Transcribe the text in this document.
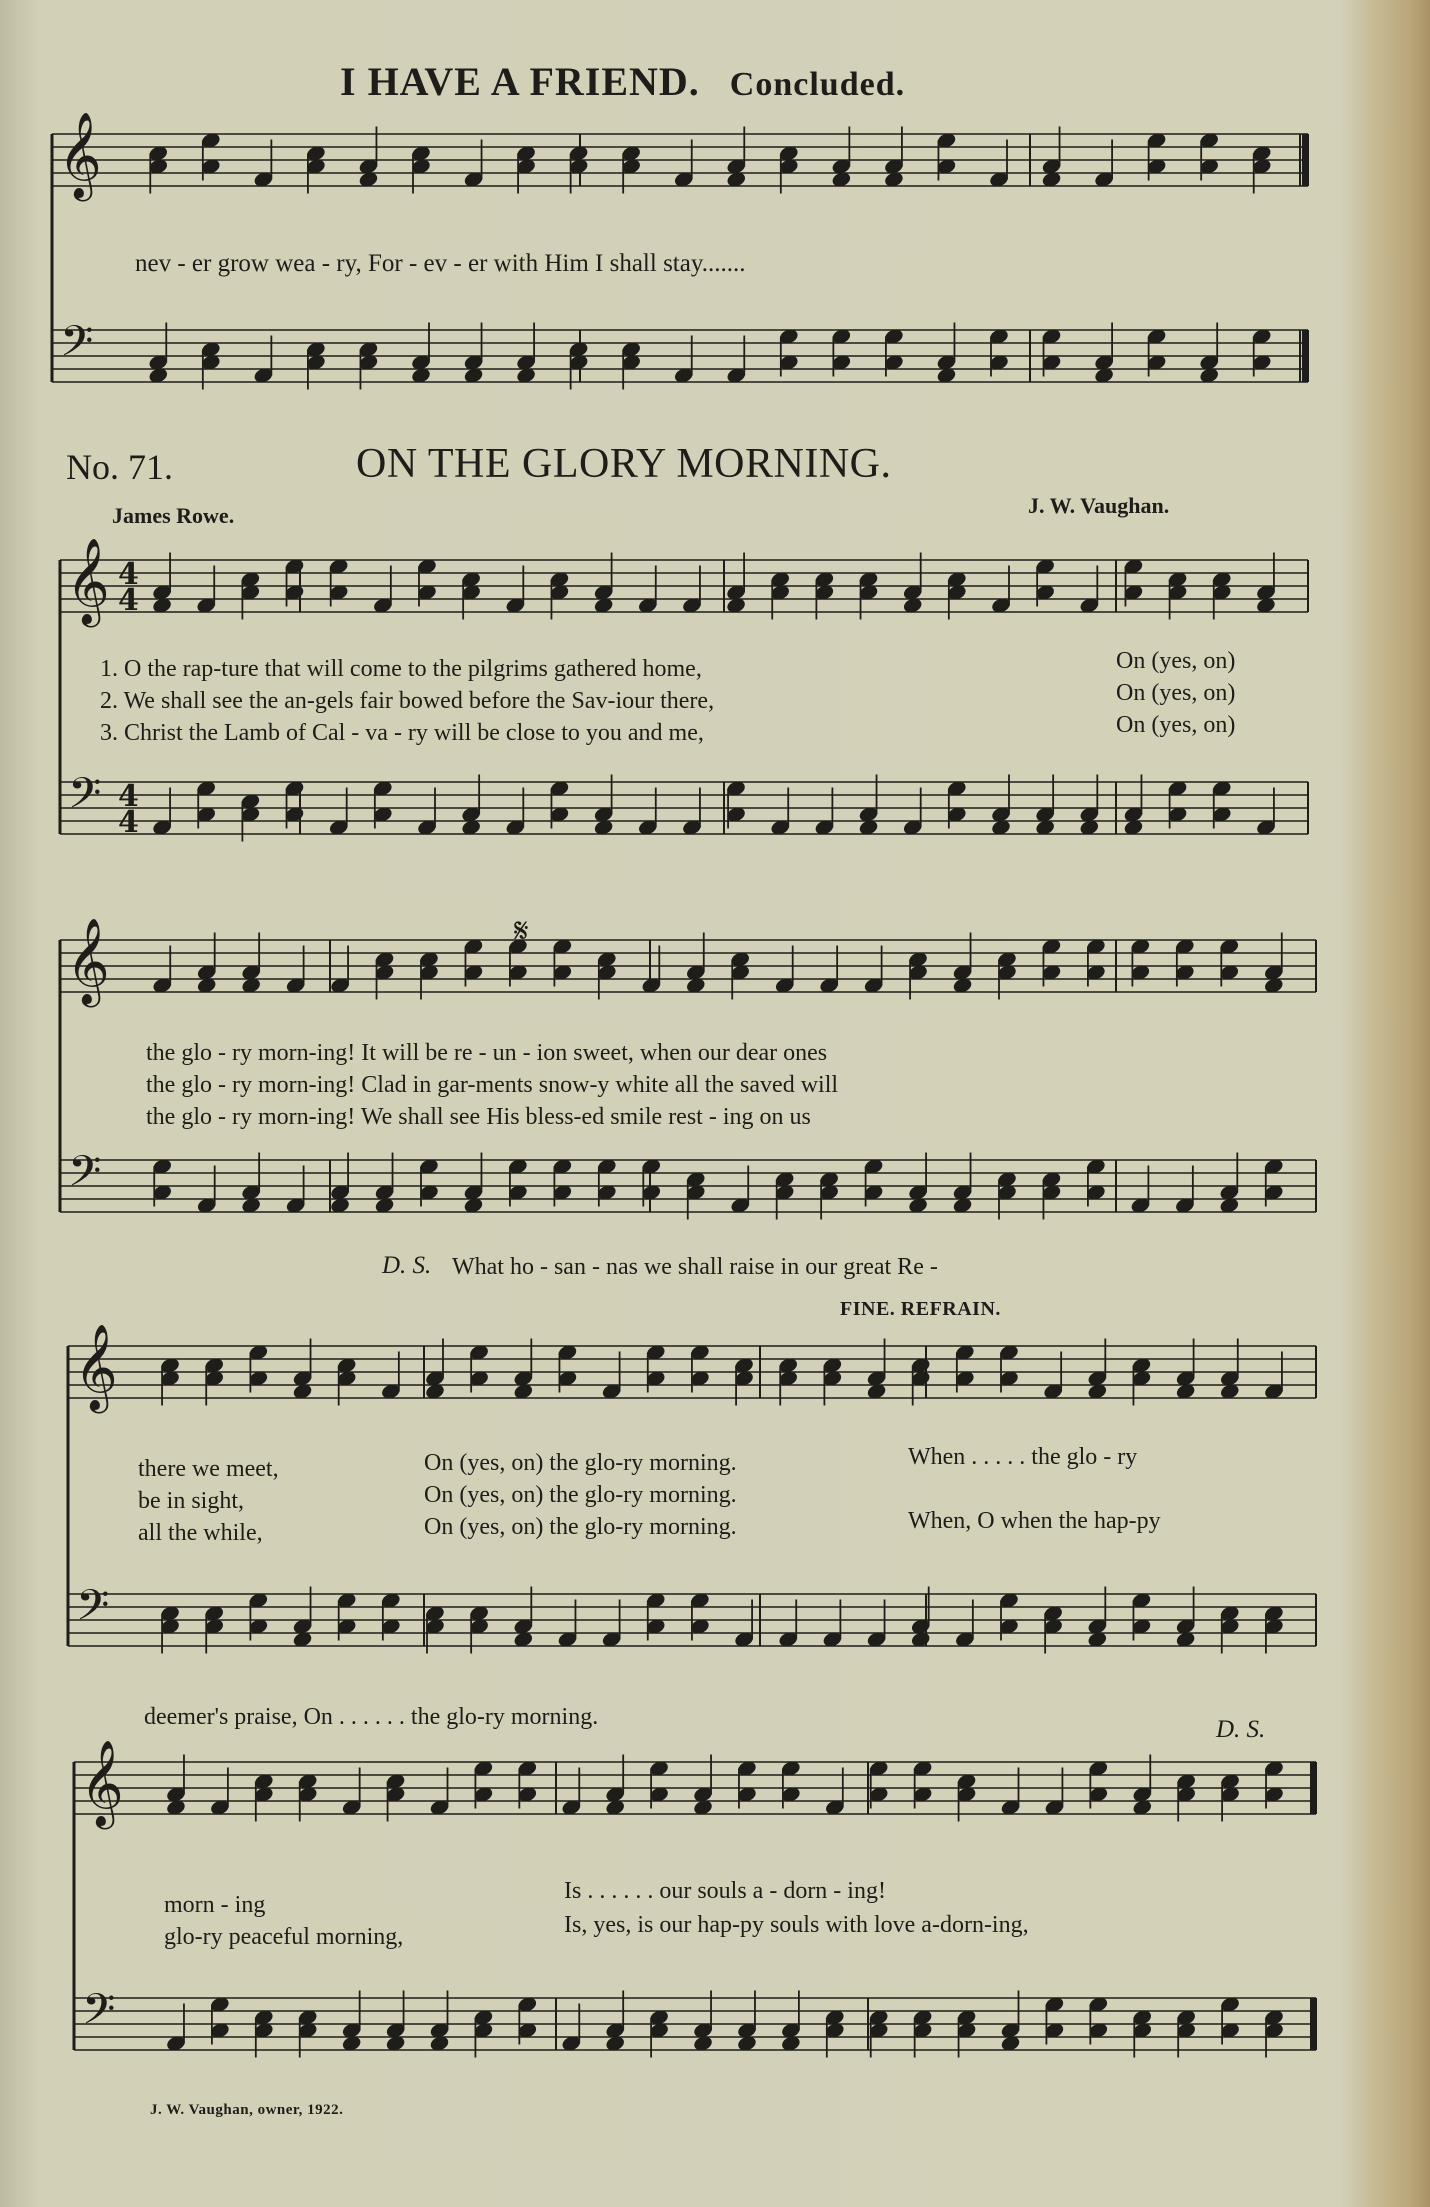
𝄞
𝄢
𝄞
𝄢
𝄞
𝄢
𝄞
𝄢
𝄞
𝄢
4
4
4
4
𝄋
I HAVE A FRIEND. Concluded.
nev - er grow wea - ry, For - ev - er with Him I shall stay.......
No. 71.	ON THE GLORY MORNING.
James Rowe.	J. W. Vaughan.
1. O the rap-ture that will come to the pilgrims gathered home,
2. We shall see the an-gels fair bowed before the Sav-iour there,
3. Christ the Lamb of Cal - va - ry will be close to you and me,
On (yes, on)
On (yes, on)
On (yes, on)
the glo - ry morn-ing! It will be re - un - ion sweet, when our dear ones
the glo - ry morn-ing! Clad in gar-ments snow-y white all the saved will
the glo - ry morn-ing! We shall see His bless-ed smile rest - ing on us
D. S. What ho - san - nas we shall raise in our great Re -
FINE. REFRAIN.
there we meet,
be in sight,
all the while,
On (yes, on) the glo-ry morning.
On (yes, on) the glo-ry morning.
On (yes, on) the glo-ry morning.
When . . . . . the glo - ry
When, O when the hap-py
deemer's praise, On . . . . . . the glo-ry morning.	D. S.
morn - ing
Is . . . . . . our souls a - dorn - ing!
glo-ry peaceful morning,	Is, yes, is our hap-py souls with love a-dorn-ing,
J. W. Vaughan, owner, 1922.
